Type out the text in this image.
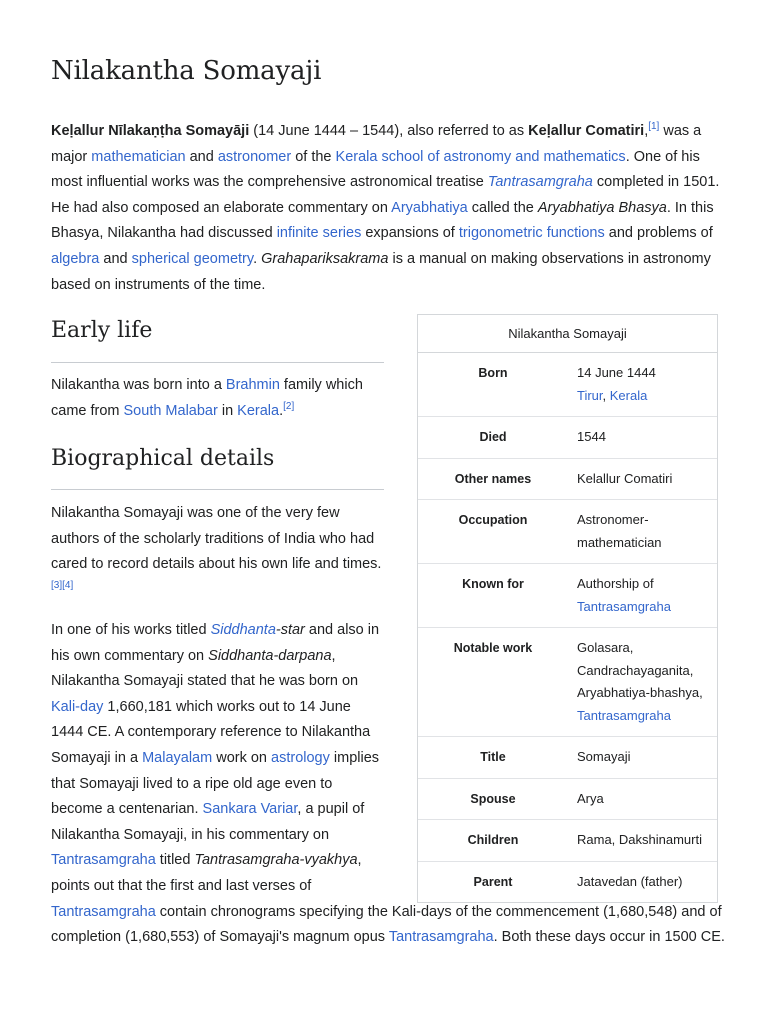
Nilakantha Somayaji

Keḷallur Nīlakaṇṭha Somayāji (14 June 1444 – 1544), also referred to as Keḷallur Comatiri,[1] was a major mathematician and astronomer of the Kerala school of astronomy and mathematics. One of his most influential works was the comprehensive astronomical treatise Tantrasamgraha completed in 1501. He had also composed an elaborate commentary on Aryabhatiya called the Aryabhatiya Bhasya. In this Bhasya, Nilakantha had discussed infinite series expansions of trigonometric functions and problems of algebra and spherical geometry. Grahapariksakrama is a manual on making observations in astronomy based on instruments of the time.

Early life

Nilakantha was born into a Brahmin family which came from South Malabar in Kerala.[2]

Biographical details

Nilakantha Somayaji was one of the very few authors of the scholarly traditions of India who had cared to record details about his own life and times.[3][4]

In one of his works titled Siddhanta-star and also in his own commentary on Siddhanta-darpana, Nilakantha Somayaji stated that he was born on Kali-day 1,660,181 which works out to 14 June 1444 CE. A contemporary reference to Nilakantha Somayaji in a Malayalam work on astrology implies that Somayaji lived to a ripe old age even to become a centenarian. Sankara Variar, a pupil of Nilakantha Somayaji, in his commentary on Tantrasamgraha titled Tantrasamgraha-vyakhya, points out that the first and last verses of Tantrasamgraha contain chronograms specifying the Kali-days of the commencement (1,680,548) and of completion (1,680,553) of Somayaji's magnum opus Tantrasamgraha. Both these days occur in 1500 CE.
Nilakantha Somayaji
Born	14 June 1444
Tirur, Kerala
Died	1544
Other names	Kelallur Comatiri
Occupation	Astronomer-
mathematician
Known for	Authorship of
Tantrasamgraha
Notable work	Golasara,
Candrachayaganita,
Aryabhatiya-bhashya,
Tantrasamgraha
Title	Somayaji
Spouse	Arya
Children	Rama, Dakshinamurti
Parent	Jatavedan (father)
